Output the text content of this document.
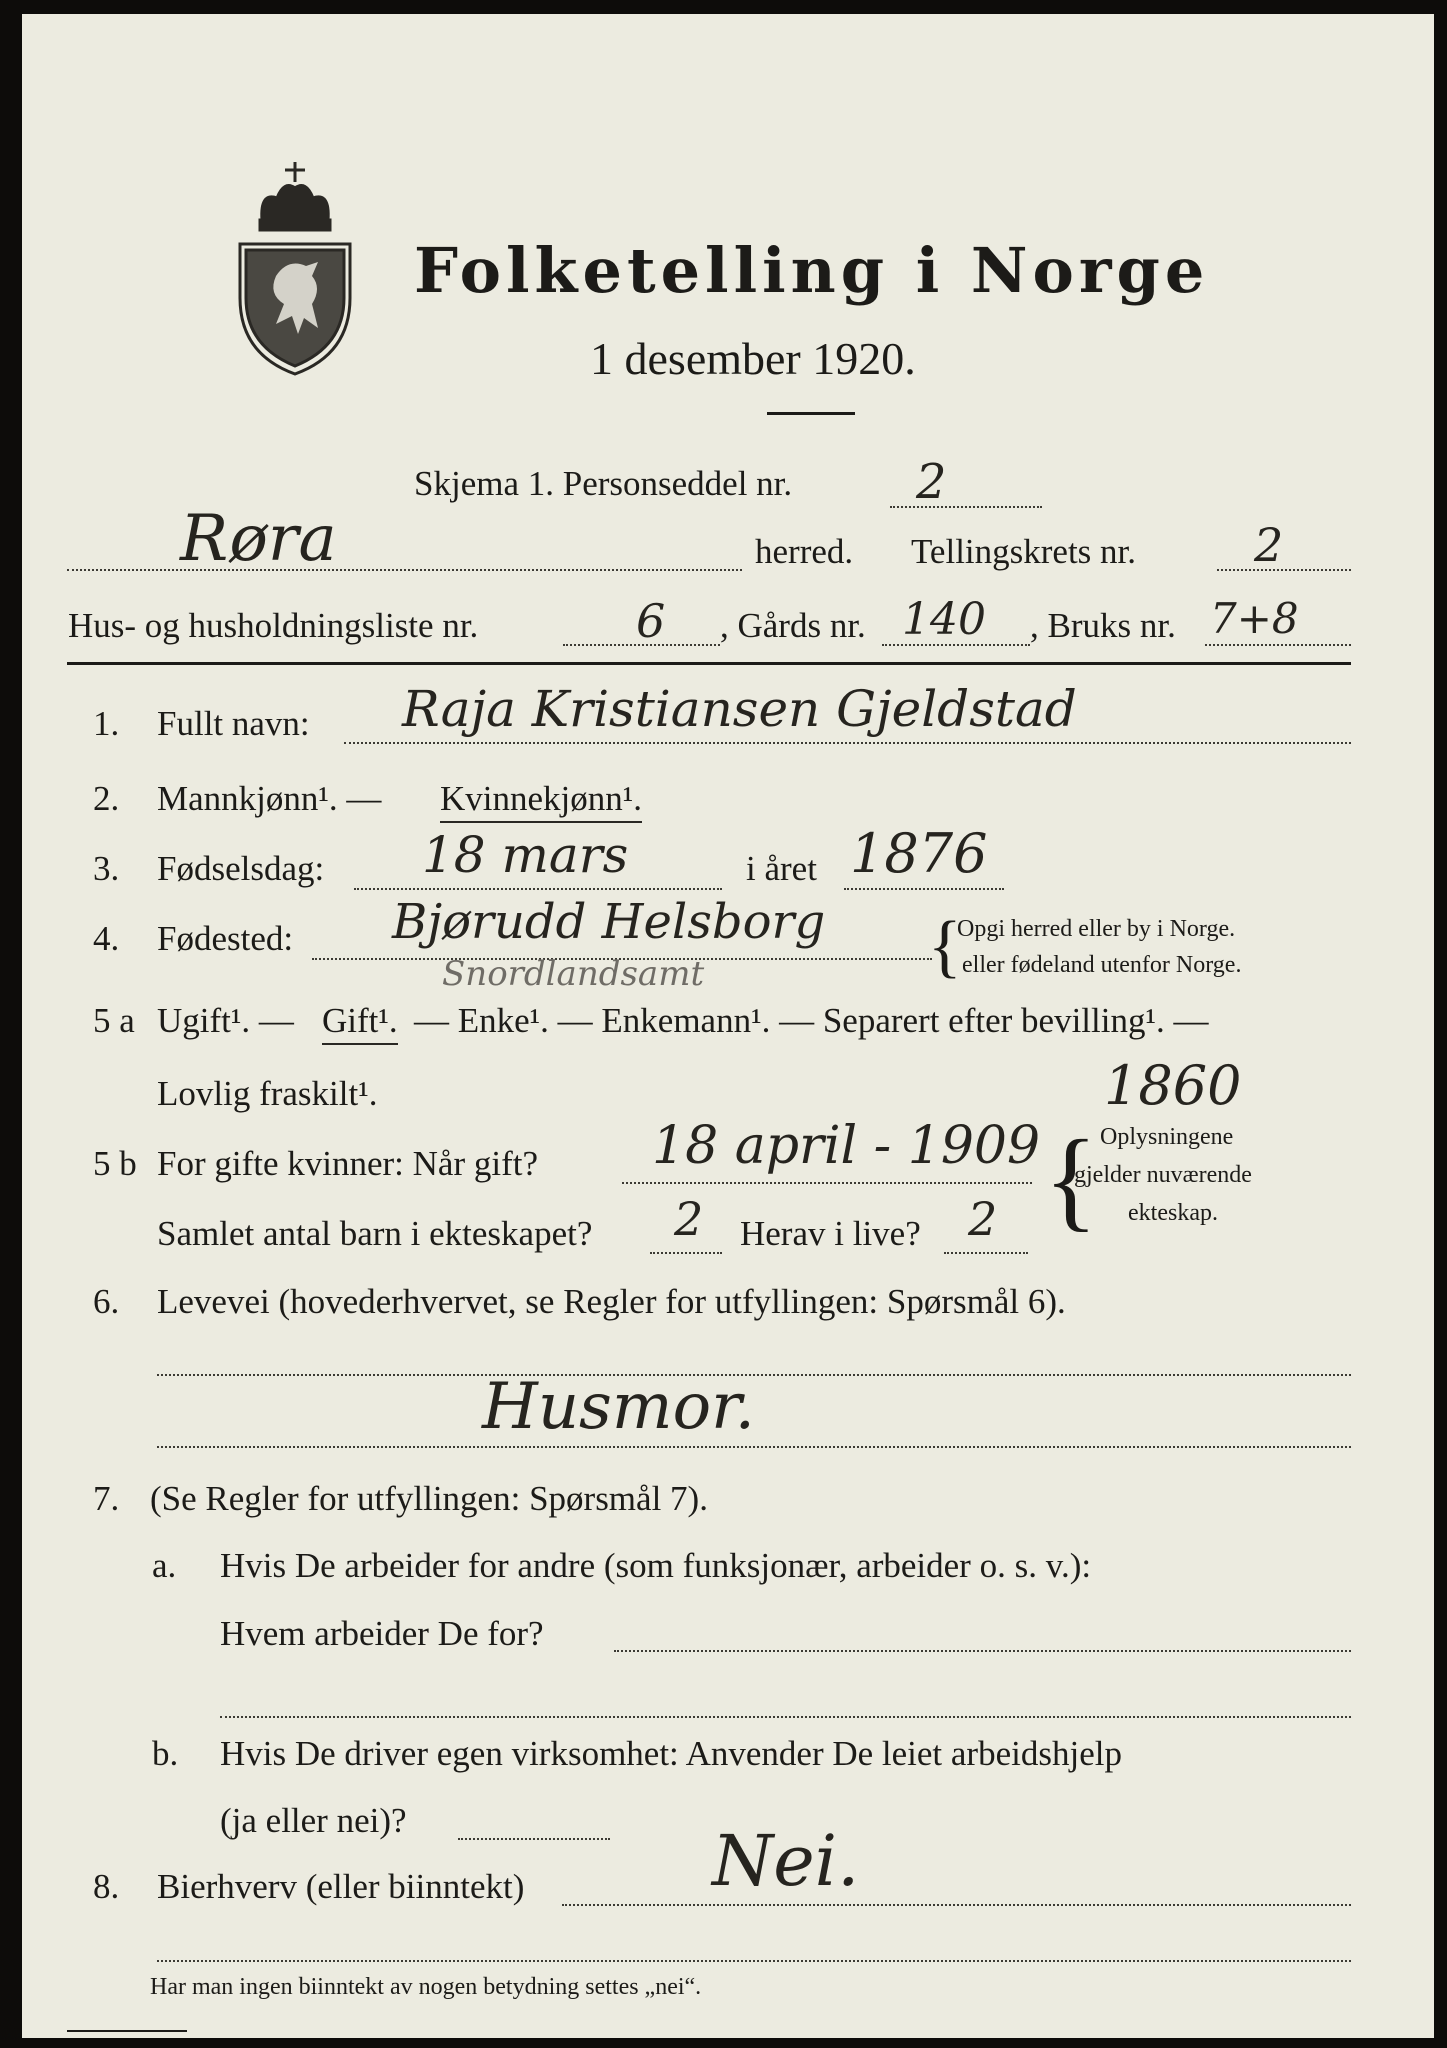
Folketelling i Norge
1 desember 1920.
Skjema 1. Personseddel nr.	2
Røra	herred. Tellingskrets nr.	2
Hus- og husholdningsliste nr.	6 , Gårds nr. 140 , Bruks nr. 7+8
1. Fullt navn: Raja Kristiansen Gjeldstad
2. Mannkjønn¹. — Kvinnekjønn¹.
3. Fødselsdag: 18 mars	i året 1876
4. Fødested: Bjørudd Helsborg
Snordlandsamt	{
Opgi herred eller by i Norge.
eller fødeland utenfor Norge.
5 a Ugift¹. — Gift¹. — Enke¹. — Enkemann¹. — Separert efter bevilling¹. —
Lovlig fraskilt¹.	1860
5 b For gifte kvinner: Når gift? 18 april - 1909
Samlet antal barn i ekteskapet? 2 Herav i live? 2 { Oplysningene
gjelder nuværende
ekteskap.
6. Levevei (hovederhvervet, se Regler for utfyllingen: Spørsmål 6).
Husmor.
7. (Se Regler for utfyllingen: Spørsmål 7).
a. Hvis De arbeider for andre (som funksjonær, arbeider o. s. v.):
Hvem arbeider De for?
b. Hvis De driver egen virksomhet: Anvender De leiet arbeidshjelp
(ja eller nei)?
8. Bierhverv (eller biinntekt)	Nei.
Har man ingen biinntekt av nogen betydning settes „nei“.
